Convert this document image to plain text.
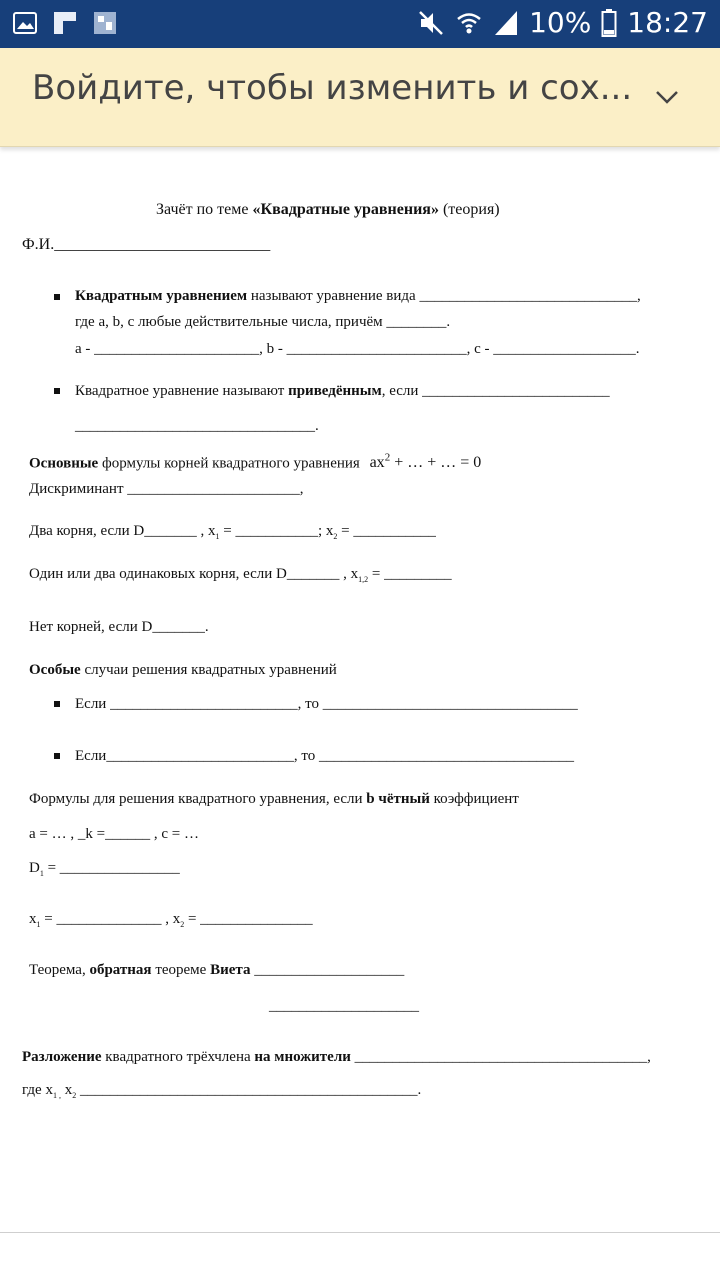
10% 18:27
Войдите, чтобы изменить и сох...
Зачёт по теме «Квадратные уравнения» (теория)
Ф.И.___________________________
Квадратным уравнением называют уравнение вида _____________________________,
где a, b, c любые действительные числа, причём ________.
a - ______________________, b - ________________________, c - ___________________.
Квадратное уравнение называют приведённым, если _________________________
________________________________.
Основные формулы корней квадратного уравнения $ax^2$ + … + … = 0
Дискриминант _______________________,
Два корня, если D_______ , $x_1$ = ___________; $x_2$ = ___________
Один или два одинаковых корня, если D_______ , $x_{1,2}$ = _________
Нет корней, если D_______.
Особые случаи решения квадратных уравнений
Если _________________________, то __________________________________
Если_________________________, то __________________________________
Формулы для решения квадратного уравнения, если b чётный коэффициент
a = … , _k =______ , c = …
$D_1$ = ________________
$x_1$ = ______________ , $x_2$ = _______________
Теорема, обратная теореме Виета ____________________
____________________
Разложение квадратного трёхчлена на множители _______________________________________,
где $x_{1 ,}$ $x_2$ _____________________________________________.
